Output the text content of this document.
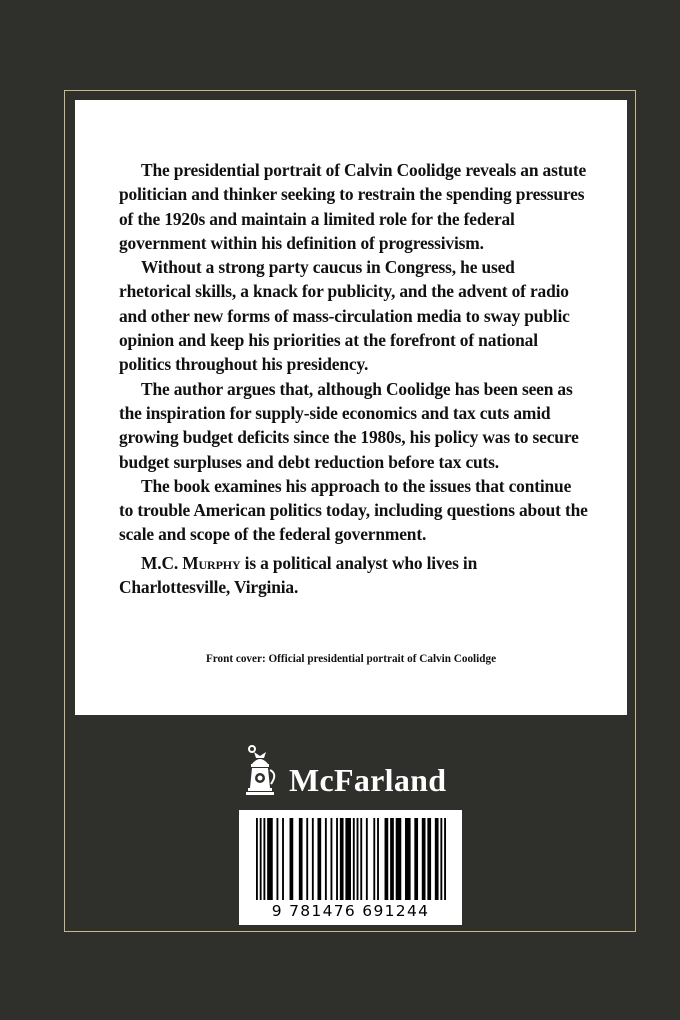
The presidential portrait of Calvin Coolidge reveals an astute politician and thinker seeking to restrain the spending pressures of the 1920s and maintain a limited role for the federal government within his definition of progressivism.

Without a strong party caucus in Congress, he used rhetorical skills, a knack for publicity, and the advent of radio and other new forms of mass-circulation media to sway public opinion and keep his priorities at the forefront of national politics throughout his presidency.

The author argues that, although Coolidge has been seen as the inspiration for supply-side economics and tax cuts amid growing budget deficits since the 1980s, his policy was to secure budget surpluses and debt reduction before tax cuts.

The book examines his approach to the issues that continue to trouble American politics today, including questions about the scale and scope of the federal government.

M.C. Murphy is a political analyst who lives in Charlottesville, Virginia.

Front cover: Official presidential portrait of Calvin Coolidge
McFarland
9 781476 691244
